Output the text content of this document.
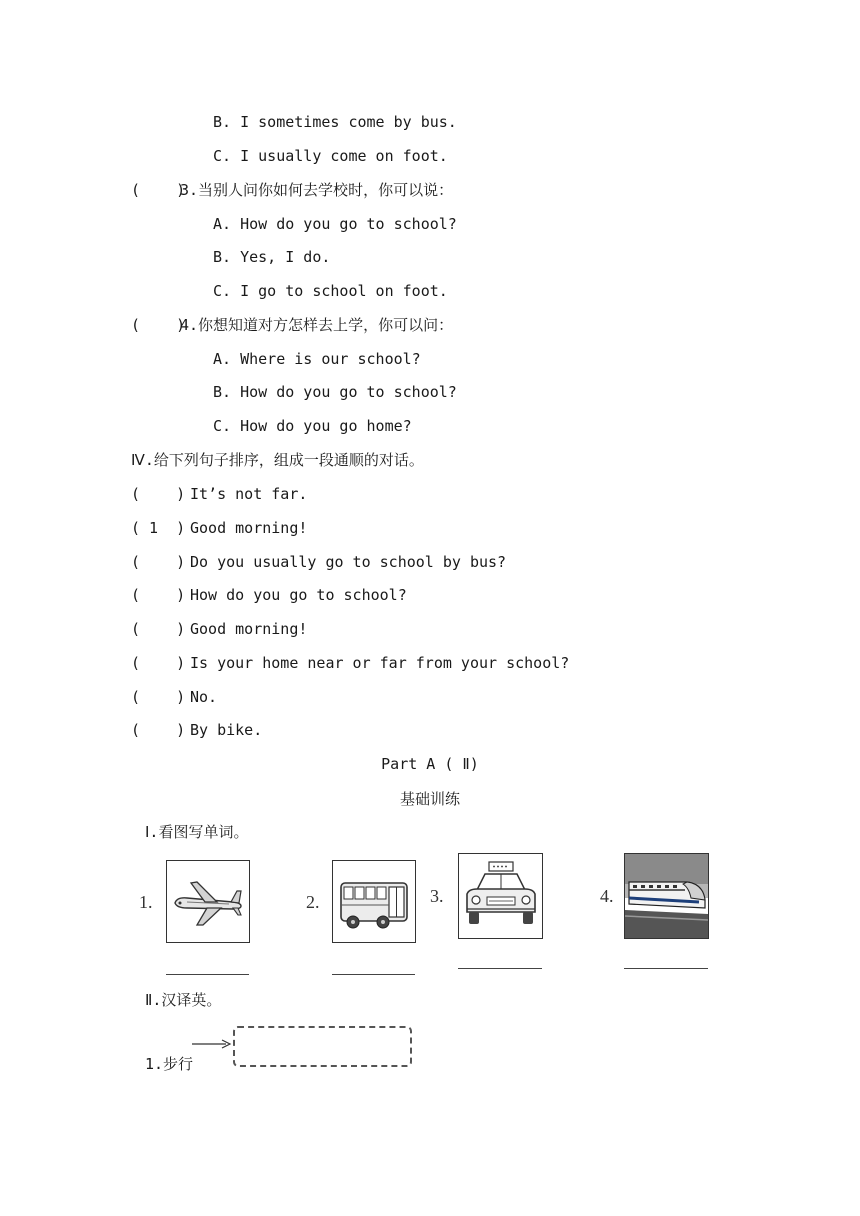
B. I sometimes come by bus.
C. I usually come on foot.
(    )
3.当别人问你如何去学校时，你可以说：
A. How do you go to school?
B. Yes, I do.
C. I go to school on foot.
(    )
4.你想知道对方怎样去上学，你可以问：
A. Where is our school?
B. How do you go to school?
C. How do you go home?
Ⅳ.给下列句子排序，组成一段通顺的对话。
(    ) It’s not far.
( 1  ) Good morning!
(    ) Do you usually go to school by bus?
(    ) How do you go to school?
(    ) Good morning!
(    ) Is your home near or far from your school?
(    ) No.
(    ) By bike.
Part A ( Ⅱ)
基础训练
Ⅰ.看图写单词。
1.	2.	3.	4.
Ⅱ.汉译英。
1.步行
